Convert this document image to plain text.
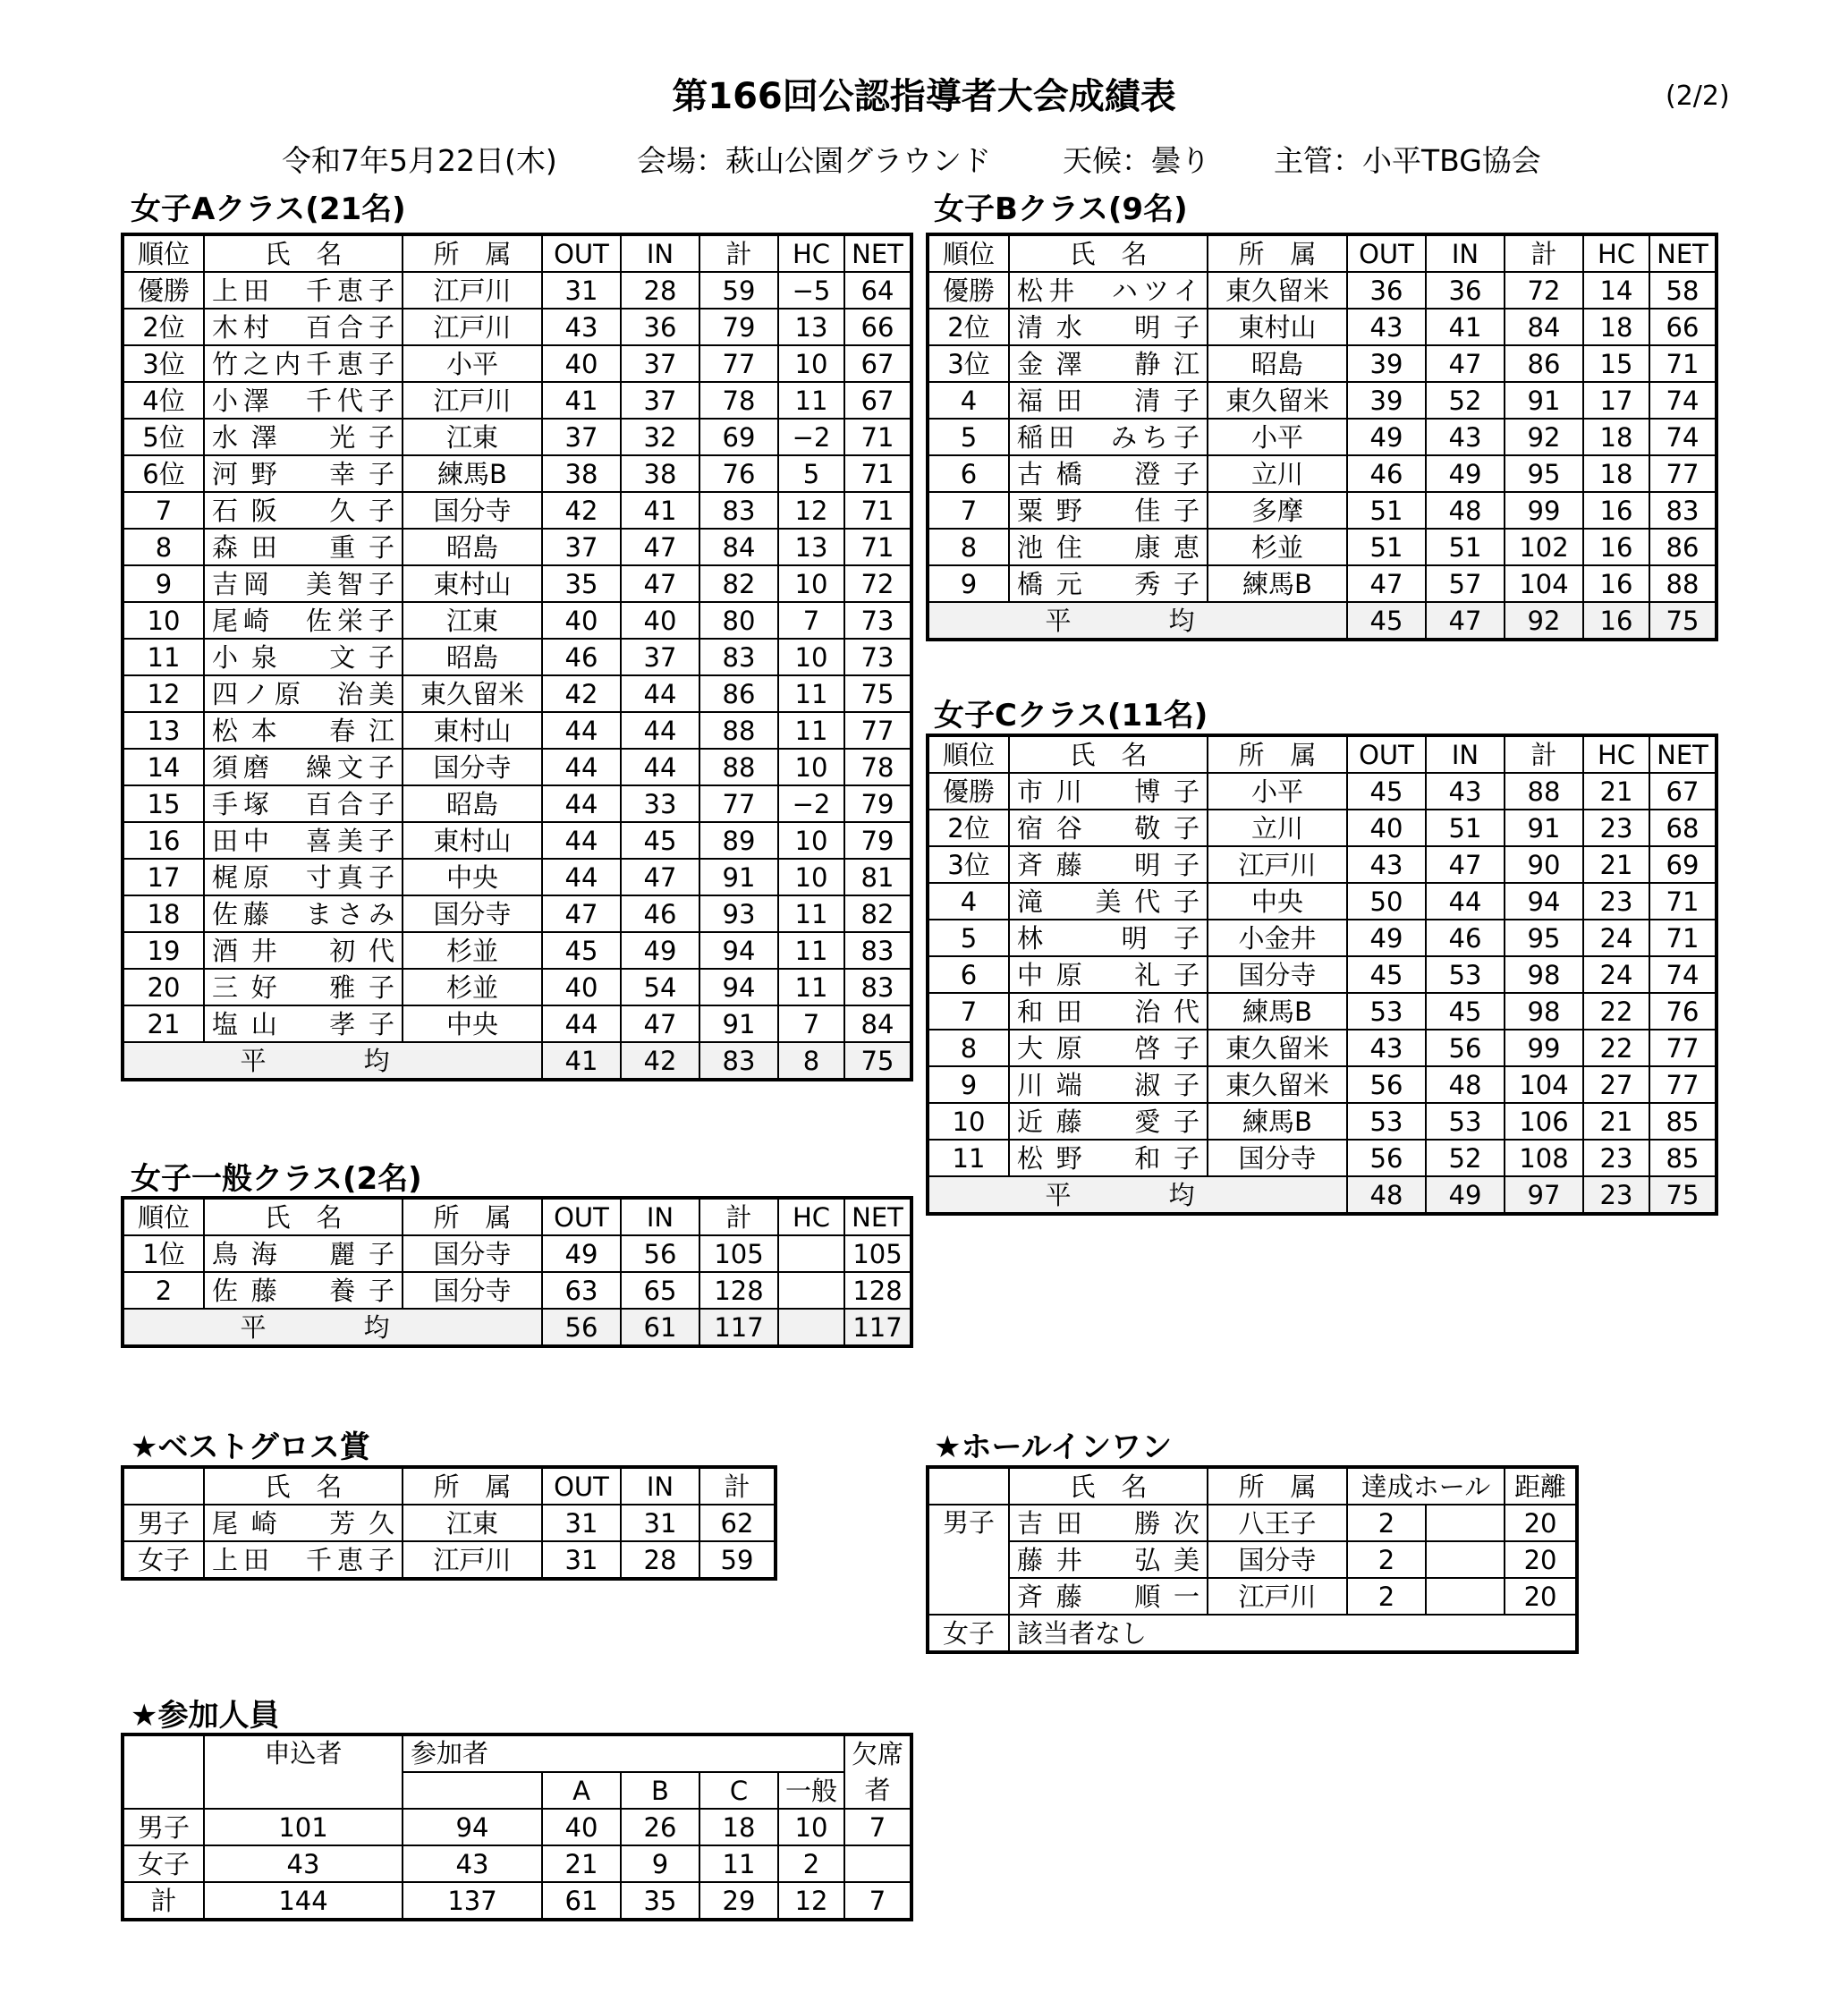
第166回公認指導者大会成績表	(2/2)
令和7年5月22日(木)	会場：萩山公園グラウンド 天候：曇り 主管：小平TBG協会
女子Aクラス(21名)
順位	氏　名	所　属	OUT	IN	計	HC	NET
優勝	上田　千恵子	江戸川	31	28	59	−5	64
2位	木村　百合子	江戸川	43	36	79	13	66
3位	竹之内千恵子	小平	40	37	77	10	67
4位	小澤　千代子	江戸川	41	37	78	11	67
5位	水澤　光子	江東	37	32	69	−2	71
6位	河野　幸子	練馬B	38	38	76	5	71
7	石阪　久子	国分寺	42	41	83	12	71
8	森田　重子	昭島	37	47	84	13	71
9	吉岡　美智子	東村山	35	47	82	10	72
10	尾崎　佐栄子	江東	40	40	80	7	73
11	小泉　文子	昭島	46	37	83	10	73
12	四ノ原　治美	東久留米	42	44	86	11	75
13	松本　春江	東村山	44	44	88	11	77
14	須磨　繰文子	国分寺	44	44	88	10	78
15	手塚　百合子	昭島	44	33	77	−2	79
16	田中　喜美子	東村山	44	45	89	10	79
17	梶原　寸真子	中央	44	47	91	10	81
18	佐藤　まさみ	国分寺	47	46	93	11	82
19	酒井　初代	杉並	45	49	94	11	83
20	三好　雅子	杉並	40	54	94	11	83
21	塩山　孝子	中央	44	47	91	7	84
平　均			41	42	83	8	75
女子Bクラス(9名)
順位	氏　名	所　属	OUT	IN	計	HC	NET
優勝	松井　ハツイ	東久留米	36	36	72	14	58
2位	清水　明子	東村山	43	41	84	18	66
3位	金澤　静江	昭島	39	47	86	15	71
4	福田　清子	東久留米	39	52	91	17	74
5	稲田　みち子	小平	49	43	92	18	74
6	古橋　澄子	立川	46	49	95	18	77
7	粟野　佳子	多摩	51	48	99	16	83
8	池住　康恵	杉並	51	51	102	16	86
9	橋元　秀子	練馬B	47	57	104	16	88
平　均			45	47	92	16	75
女子Cクラス(11名)
順位	氏　名	所　属	OUT	IN	計	HC	NET
優勝	市川　博子	小平	45	43	88	21	67
2位	宿谷　敬子	立川	40	51	91	23	68
3位	斉藤　明子	江戸川	43	47	90	21	69
4	滝　美代子	中央	50	44	94	23	71
5	林　明子	小金井	49	46	95	24	71
6	中原　礼子	国分寺	45	53	98	24	74
7	和田　治代	練馬B	53	45	98	22	76
8	大原　啓子	東久留米	43	56	99	22	77
9	川端　淑子	東久留米	56	48	104	27	77
10	近藤　愛子	練馬B	53	53	106	21	85
11	松野　和子	国分寺	56	52	108	23	85
平　均			48	49	97	23	75
女子一般クラス(2名)
順位	氏　名	所　属	OUT	IN	計	HC	NET
1位	鳥海　麗子	国分寺	49	56	105		105
2	佐藤　養子	国分寺	63	65	128		128
平　均			56	61	117		117
★ベストグロス賞
	氏　名	所　属	OUT	IN	計
男子	尾崎　芳久	江東	31	31	62
女子	上田　千恵子	江戸川	31	28	59
★ホールインワン
	氏　名	所　属	達成ホール		距離
男子	吉田　勝次	八王子	2		20
	藤井　弘美	国分寺	2		20
	斉藤　順一	江戸川	2		20
女子	該当者なし				
★参加人員
	申込者	参加者					欠席
			A	B	C	一般	者
男子	101	94	40	26	18	10	7
女子	43	43	21	9	11	2	
計	144	137	61	35	29	12	7
